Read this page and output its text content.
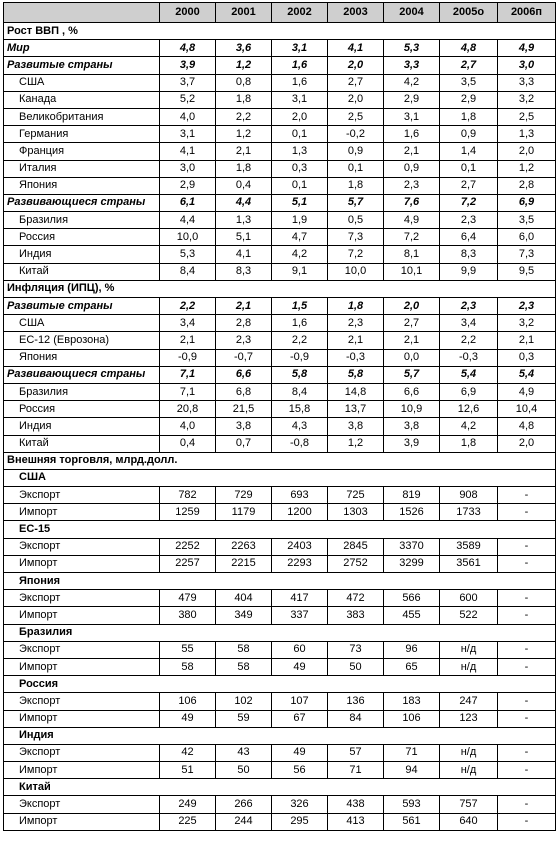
	2000	2001	2002	2003	2004	2005о	2006п
Рост ВВП , %							
Мир	4,8	3,6	3,1	4,1	5,3	4,8	4,9
Развитые страны	3,9	1,2	1,6	2,0	3,3	2,7	3,0
США	3,7	0,8	1,6	2,7	4,2	3,5	3,3
Канада	5,2	1,8	3,1	2,0	2,9	2,9	3,2
Великобритания	4,0	2,2	2,0	2,5	3,1	1,8	2,5
Германия	3,1	1,2	0,1	-0,2	1,6	0,9	1,3
Франция	4,1	2,1	1,3	0,9	2,1	1,4	2,0
Италия	3,0	1,8	0,3	0,1	0,9	0,1	1,2
Япония	2,9	0,4	0,1	1,8	2,3	2,7	2,8
Развивающиеся страны	6,1	4,4	5,1	5,7	7,6	7,2	6,9
Бразилия	4,4	1,3	1,9	0,5	4,9	2,3	3,5
Россия	10,0	5,1	4,7	7,3	7,2	6,4	6,0
Индия	5,3	4,1	4,2	7,2	8,1	8,3	7,3
Китай	8,4	8,3	9,1	10,0	10,1	9,9	9,5
Инфляция (ИПЦ), %							
Развитые страны	2,2	2,1	1,5	1,8	2,0	2,3	2,3
США	3,4	2,8	1,6	2,3	2,7	3,4	3,2
ЕС-12 (Еврозона)	2,1	2,3	2,2	2,1	2,1	2,2	2,1
Япония	-0,9	-0,7	-0,9	-0,3	0,0	-0,3	0,3
Развивающиеся страны	7,1	6,6	5,8	5,8	5,7	5,4	5,4
Бразилия	7,1	6,8	8,4	14,8	6,6	6,9	4,9
Россия	20,8	21,5	15,8	13,7	10,9	12,6	10,4
Индия	4,0	3,8	4,3	3,8	3,8	4,2	4,8
Китай	0,4	0,7	-0,8	1,2	3,9	1,8	2,0
Внешняя торговля, млрд.долл.							
США							
Экспорт	782	729	693	725	819	908	-
Импорт	1259	1179	1200	1303	1526	1733	-
ЕС-15							
Экспорт	2252	2263	2403	2845	3370	3589	-
Импорт	2257	2215	2293	2752	3299	3561	-
Япония							
Экспорт	479	404	417	472	566	600	-
Импорт	380	349	337	383	455	522	-
Бразилия							
Экспорт	55	58	60	73	96	н/д	-
Импорт	58	58	49	50	65	н/д	-
Россия							
Экспорт	106	102	107	136	183	247	-
Импорт	49	59	67	84	106	123	-
Индия							
Экспорт	42	43	49	57	71	н/д	-
Импорт	51	50	56	71	94	н/д	-
Китай							
Экспорт	249	266	326	438	593	757	-
Импорт	225	244	295	413	561	640	-
